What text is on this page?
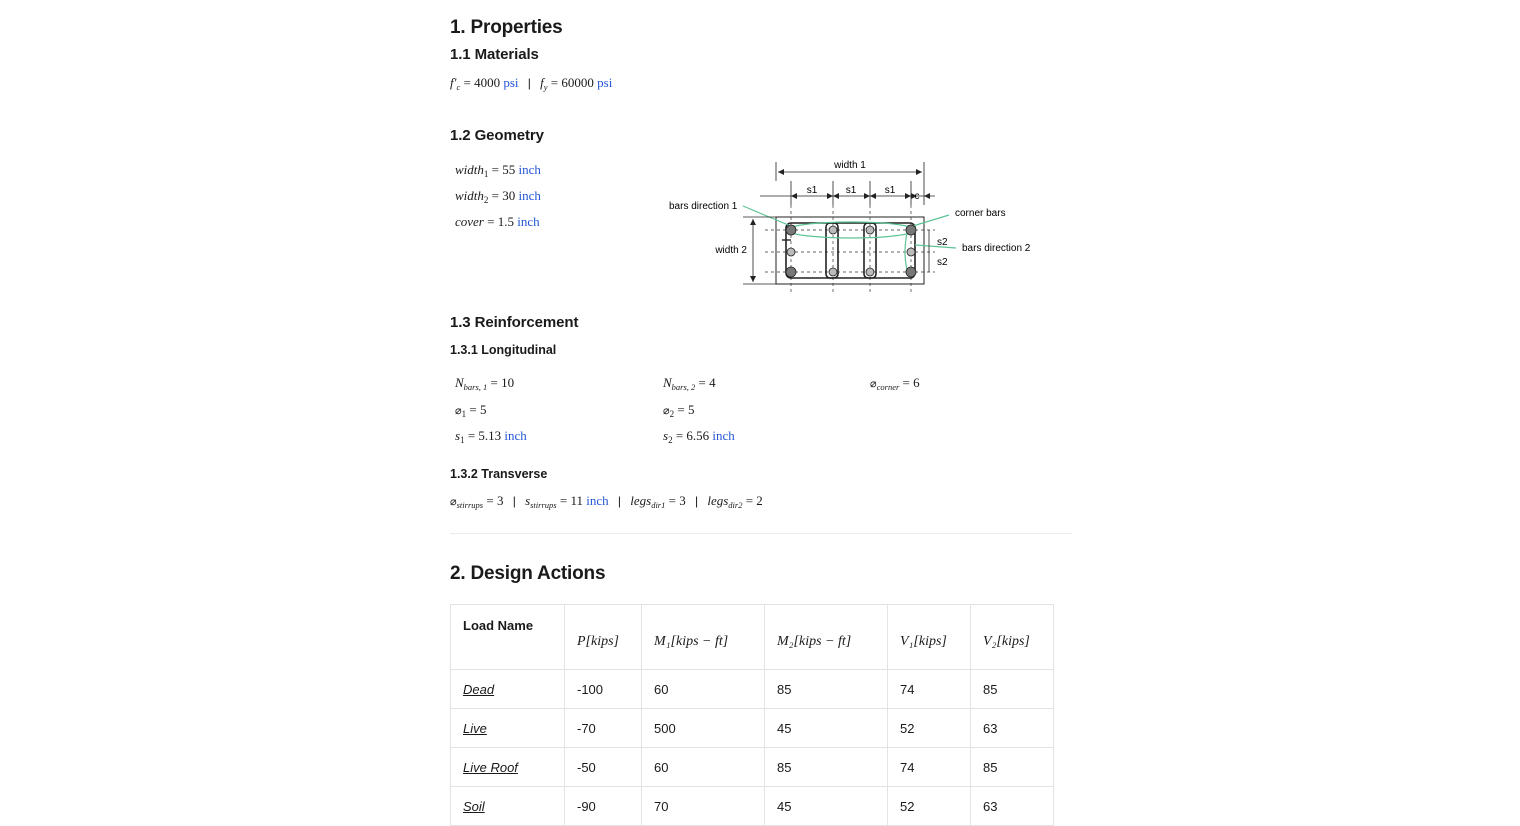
1. Properties
1.1 Materials
$f'_c = 4000$ psi | $f_y = 60000$ psi
1.2 Geometry
width$_1$ = 55 inch
width$_2$ = 30 inch
cover = 1.5 inch
width 1
s1	s1	s1
c
width 2
s2
s2
bars direction 1
corner bars
bars direction 2
1.3 Reinforcement
1.3.1 Longitudinal
$N_{bars, 1} = 10$	$N_{bars, 2} = 4$	$⌀_{corner} = 6$
$⌀_1 = 5$	$⌀_2 = 5$
$s_1 = 5.13$ inch	$s_2 = 6.56$ inch
1.3.2 Transverse
$⌀_{stirrups} = 3$ | $s_{stirrups} = 11$ inch | legs$_{dir1}$ = 3 | legs$_{dir2}$ = 2
2. Design Actions
Load Name	P[kips]	M₁[kips − ft]	M₂[kips − ft]	V₁[kips]	V₂[kips]
Dead	-100	60	85	74	85
Live	-70	500	45	52	63
Live Roof	-50	60	85	74	85
Soil	-90	70	45	52	63
